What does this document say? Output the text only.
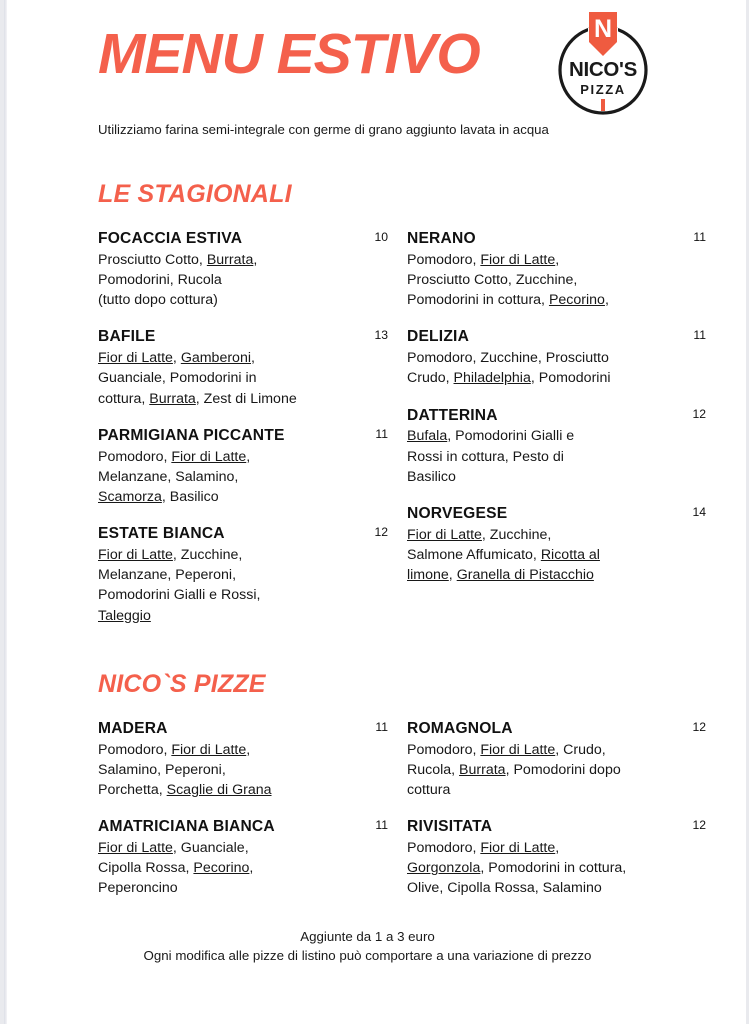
MENU ESTIVO	N
NICO'S
PIZZA

Utilizziamo farina semi-integrale con germe di grano aggiunto lavata in acqua

LE STAGIONALI
FOCACCIA ESTIVA	10
Prosciutto Cotto, Burrata,
Pomodorini, Rucola
(tutto dopo cottura)
BAFILE	13
Fior di Latte, Gamberoni,
Guanciale, Pomodorini in
cottura, Burrata, Zest di Limone
PARMIGIANA PICCANTE	11
Pomodoro, Fior di Latte,
Melanzane, Salamino,
Scamorza, Basilico
ESTATE BIANCA	12
Fior di Latte, Zucchine,
Melanzane, Peperoni,
Pomodorini Gialli e Rossi,
Taleggio
NERANO	11
Pomodoro, Fior di Latte,
Prosciutto Cotto, Zucchine,
Pomodorini in cottura, Pecorino,
DELIZIA	11
Pomodoro, Zucchine, Prosciutto
Crudo, Philadelphia, Pomodorini
DATTERINA	12
Bufala, Pomodorini Gialli e
Rossi in cottura, Pesto di
Basilico
NORVEGESE	14
Fior di Latte, Zucchine,
Salmone Affumicato, Ricotta al
limone, Granella di Pistacchio
NICO`S PIZZE
MADERA	11
Pomodoro, Fior di Latte,
Salamino, Peperoni,
Porchetta, Scaglie di Grana
AMATRICIANA BIANCA	11
Fior di Latte, Guanciale,
Cipolla Rossa, Pecorino,
Peperoncino
ROMAGNOLA	12
Pomodoro, Fior di Latte, Crudo,
Rucola, Burrata, Pomodorini dopo
cottura
RIVISITATA	12
Pomodoro, Fior di Latte,
Gorgonzola, Pomodorini in cottura,
Olive, Cipolla Rossa, Salamino
Aggiunte da 1 a 3 euro
Ogni modifica alle pizze di listino può comportare a una variazione di prezzo
